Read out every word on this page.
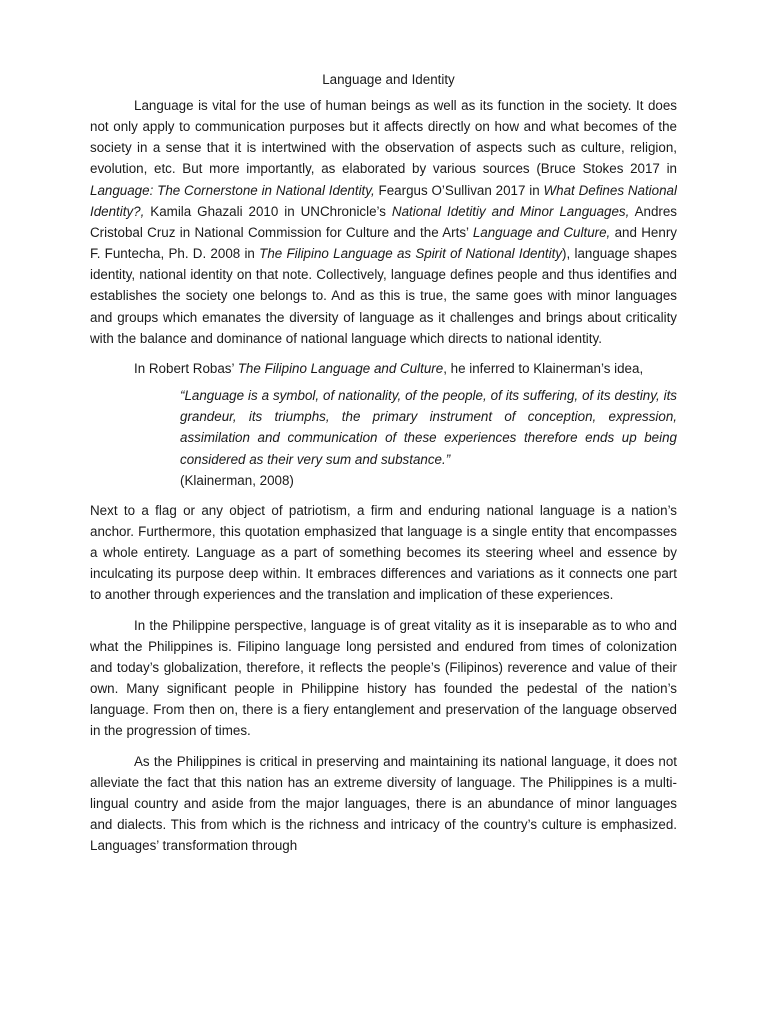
Language and Identity

Language is vital for the use of human beings as well as its function in the society. It does not only apply to communication purposes but it affects directly on how and what becomes of the society in a sense that it is intertwined with the observation of aspects such as culture, religion, evolution, etc. But more importantly, as elaborated by various sources (Bruce Stokes 2017 in Language: The Cornerstone in National Identity, Feargus O’Sullivan 2017 in What Defines National Identity?, Kamila Ghazali 2010 in UNChronicle’s National Idetitiy and Minor Languages, Andres Cristobal Cruz in National Commission for Culture and the Arts’ Language and Culture, and Henry F. Funtecha, Ph. D. 2008 in The Filipino Language as Spirit of National Identity), language shapes identity, national identity on that note. Collectively, language defines people and thus identifies and establishes the society one belongs to. And as this is true, the same goes with minor languages and groups which emanates the diversity of language as it challenges and brings about criticality with the balance and dominance of national language which directs to national identity.

In Robert Robas’ The Filipino Language and Culture, he inferred to Klainerman’s idea,

“Language is a symbol, of nationality, of the people, of its suffering, of its destiny, its grandeur, its triumphs, the primary instrument of conception, expression, assimilation and communication of these experiences therefore ends up being considered as their very sum and substance.”
(Klainerman, 2008)

Next to a flag or any object of patriotism, a firm and enduring national language is a nation’s anchor. Furthermore, this quotation emphasized that language is a single entity that encompasses a whole entirety. Language as a part of something becomes its steering wheel and essence by inculcating its purpose deep within. It embraces differences and variations as it connects one part to another through experiences and the translation and implication of these experiences.

In the Philippine perspective, language is of great vitality as it is inseparable as to who and what the Philippines is. Filipino language long persisted and endured from times of colonization and today’s globalization, therefore, it reflects the people’s (Filipinos) reverence and value of their own. Many significant people in Philippine history has founded the pedestal of the nation’s language. From then on, there is a fiery entanglement and preservation of the language observed in the progression of times.

As the Philippines is critical in preserving and maintaining its national language, it does not alleviate the fact that this nation has an extreme diversity of language. The Philippines is a multi-lingual country and aside from the major languages, there is an abundance of minor languages and dialects. This from which is the richness and intricacy of the country’s culture is emphasized. Languages’ transformation through
